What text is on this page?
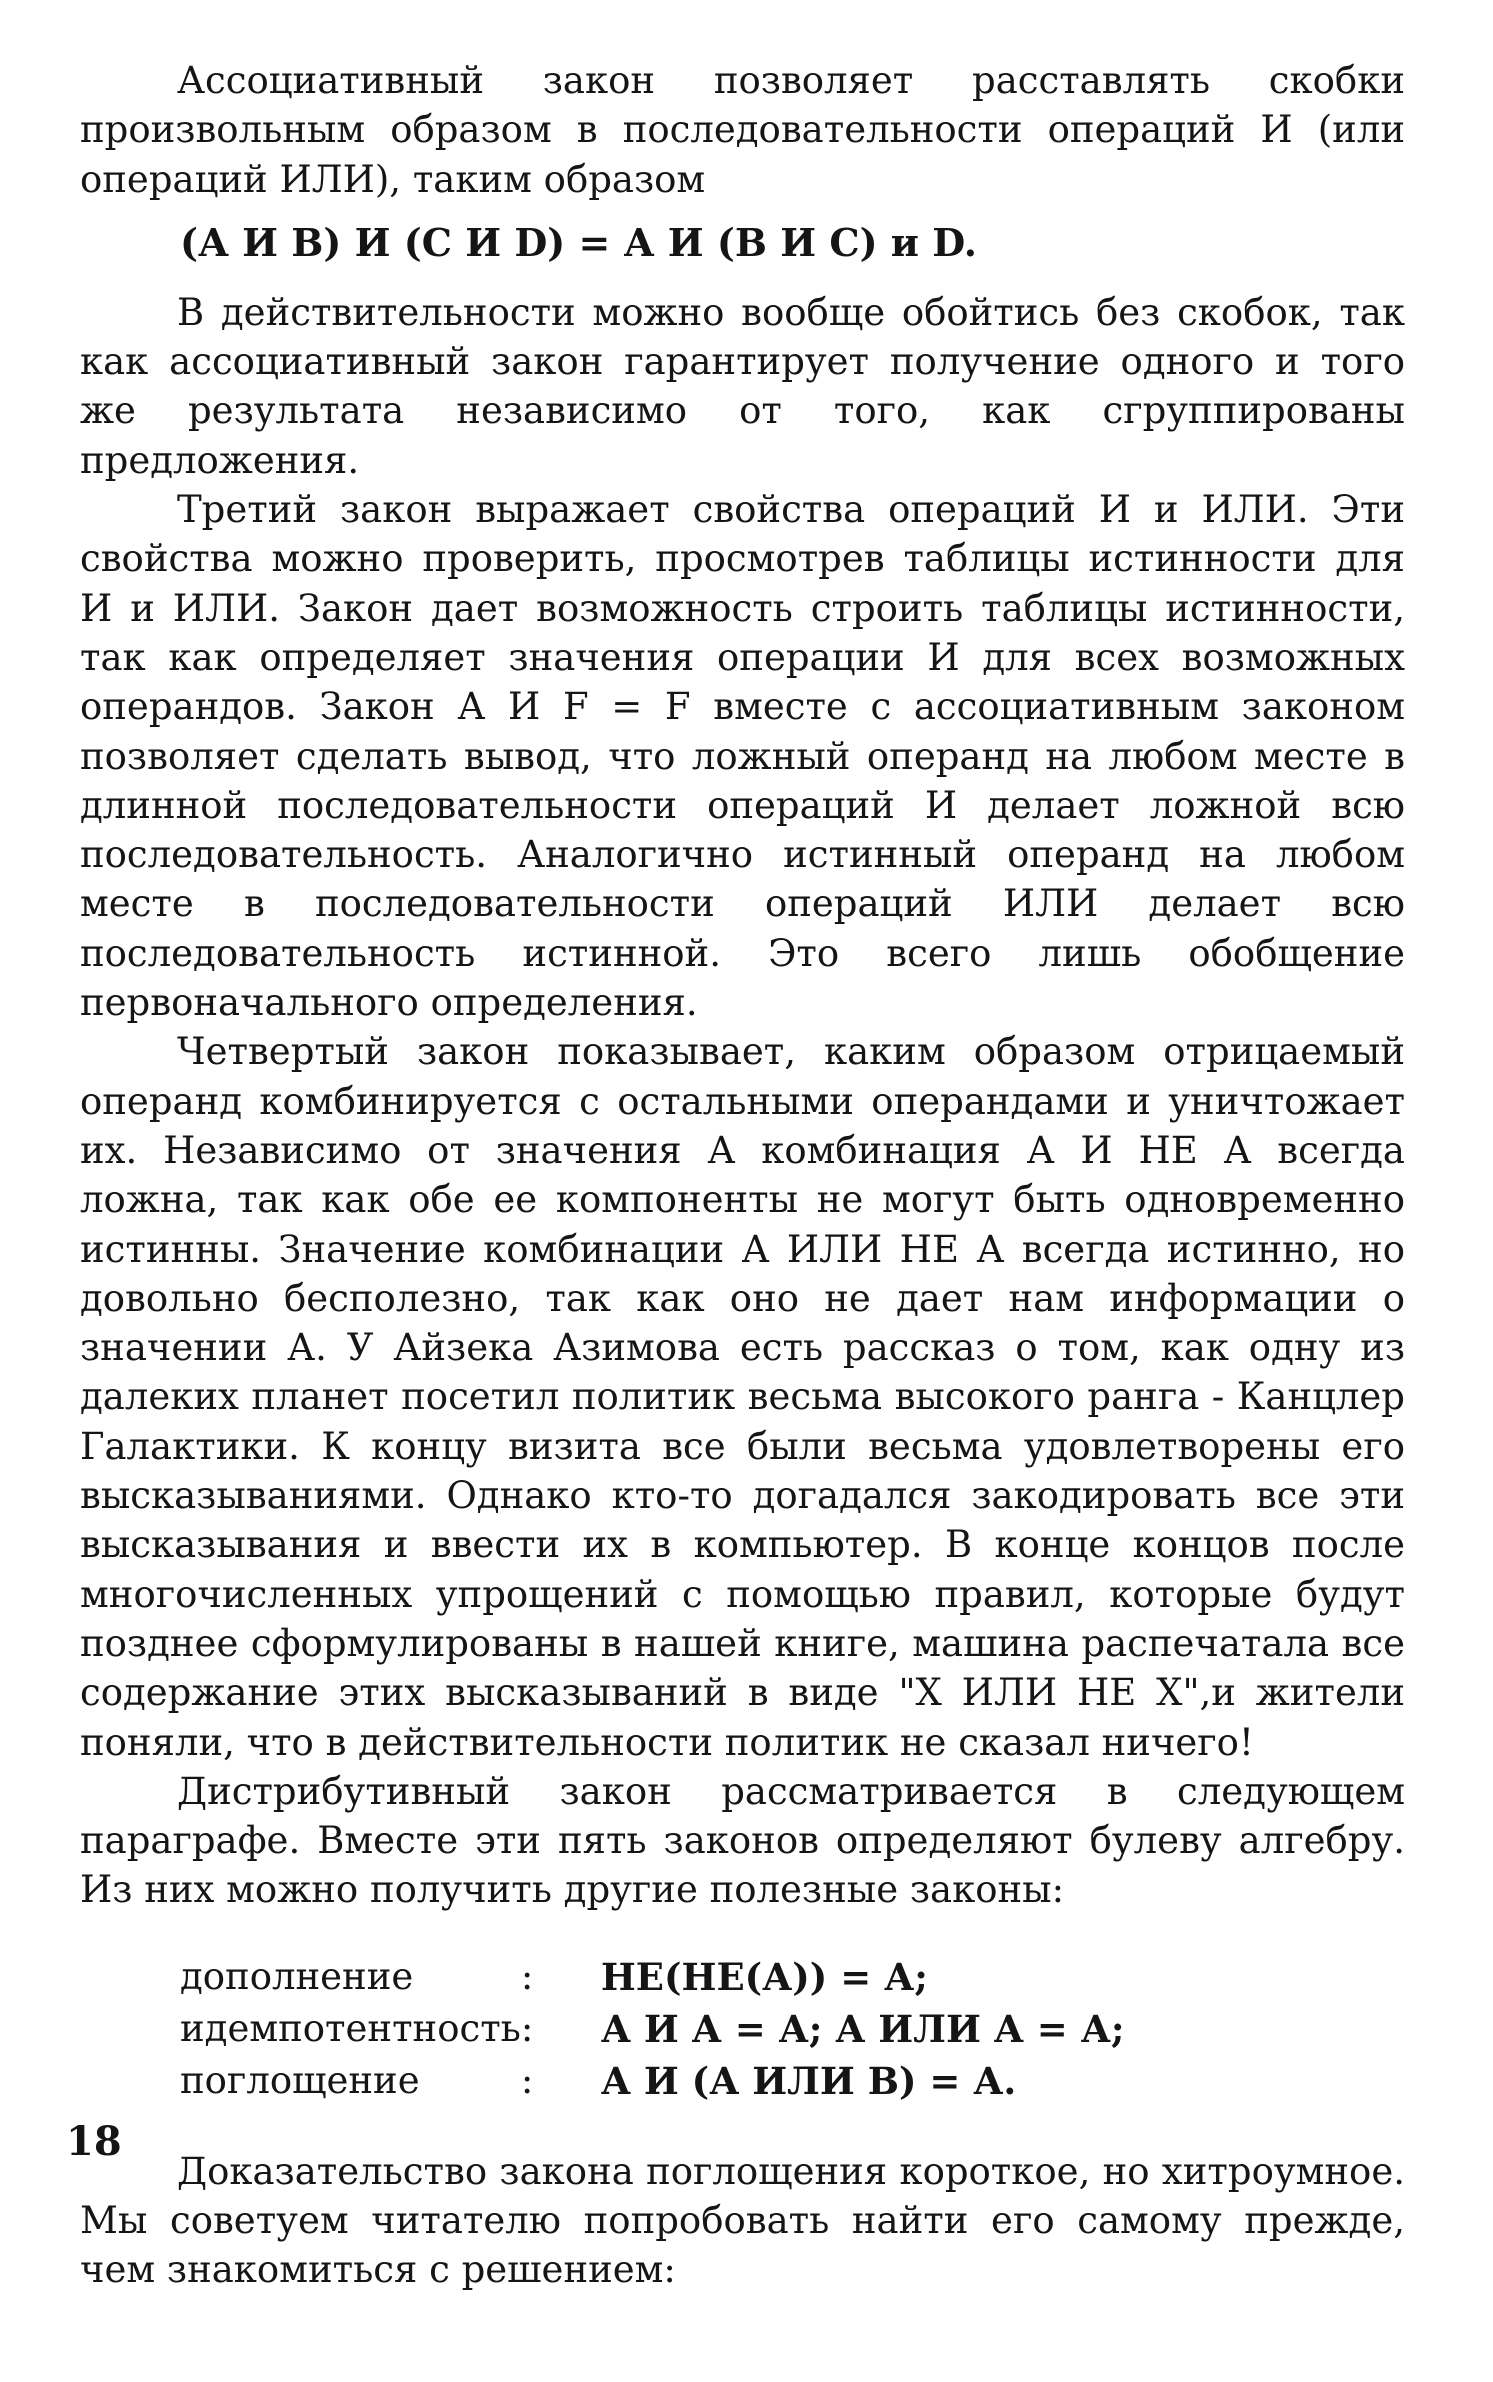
Ассоциативный закон позволяет расставлять скобки произвольным образом в последовательности операций И (или операций ИЛИ), таким образом

(А И В) И (С И D) = А И (В И С) и D.

В действительности можно вообще обойтись без скобок, так как ассоциативный закон гарантирует получение одного и того же результата независимо от того, как сгруппированы предложения.

Третий закон выражает свойства операций И и ИЛИ. Эти свойства можно проверить, просмотрев таблицы истинности для И и ИЛИ. Закон дает возможность строить таблицы истинности, так как определяет значения операции И для всех возможных операндов. Закон А И F = F вместе с ассоциативным законом позволяет сделать вывод, что ложный операнд на любом месте в длинной последовательности операций И делает ложной всю последовательность. Аналогично истинный операнд на любом месте в последовательности операций ИЛИ делает всю последовательность истинной. Это всего лишь обобщение первоначального определения.

Четвертый закон показывает, каким образом отрицаемый операнд комбинируется с остальными операндами и уничтожает их. Независимо от значения А комбинация А И НЕ А всегда ложна, так как обе ее компоненты не могут быть одновременно истинны. Значение комбинации А ИЛИ НЕ А всегда истинно, но довольно бесполезно, так как оно не дает нам информации о значении А. У Айзека Азимова есть рассказ о том, как одну из далеких планет посетил политик весьма высокого ранга - Канцлер Галактики. К концу визита все были весьма удовлетворены его высказываниями. Однако кто-то догадался закодировать все эти высказывания и ввести их в компьютер. В конце концов после многочисленных упрощений с помощью правил, которые будут позднее сформулированы в нашей книге, машина распечатала все содержание этих высказываний в виде "X ИЛИ НЕ X",и жители поняли, что в действительности политик не сказал ничего!

Дистрибутивный закон рассматривается в следующем параграфе. Вместе эти пять законов определяют булеву алгебру. Из них можно получить другие полезные законы:

дополнение	:	НЕ(НЕ(А)) = А;
идемпотентность	:	А И А = А; А ИЛИ А = А;
поглощение	:	А И (А ИЛИ В) = А.

Доказательство закона поглощения короткое, но хитроумное. Мы советуем читателю попробовать найти его самому прежде, чем знакомиться с решением:

18
